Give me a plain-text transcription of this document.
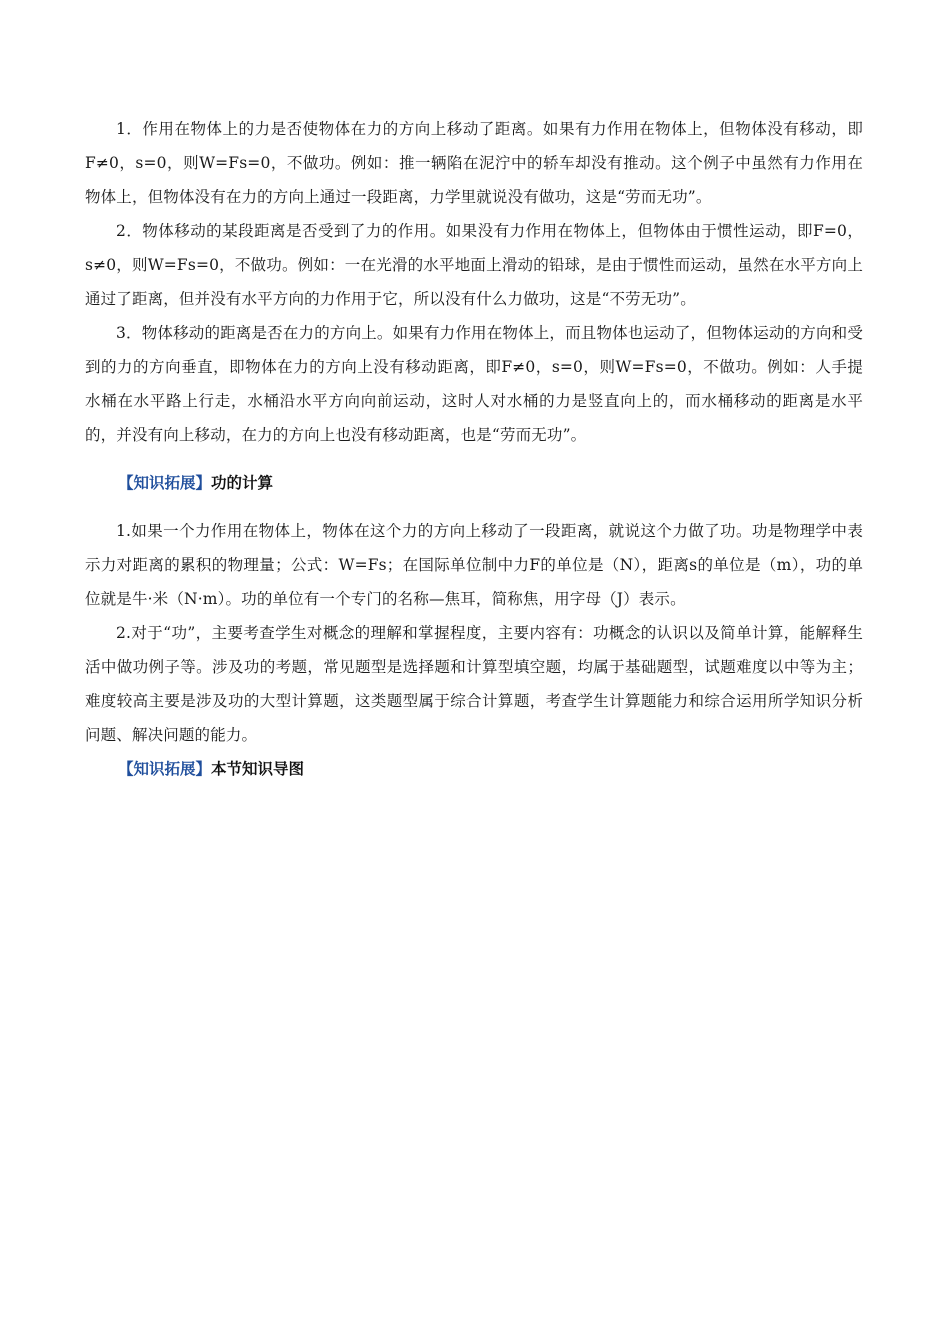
1．作用在物体上的力是否使物体在力的方向上移动了距离。如果有力作用在物体上，但物体没有移动，即F≠0，s=0，则W=Fs=0，不做功。例如：推一辆陷在泥泞中的轿车却没有推动。这个例子中虽然有力作用在物体上，但物体没有在力的方向上通过一段距离，力学里就说没有做功，这是“劳而无功”。

2．物体移动的某段距离是否受到了力的作用。如果没有力作用在物体上，但物体由于惯性运动，即F=0，s≠0，则W=Fs=0，不做功。例如：一在光滑的水平地面上滑动的铅球，是由于惯性而运动，虽然在水平方向上通过了距离，但并没有水平方向的力作用于它，所以没有什么力做功，这是“不劳无功”。

3．物体移动的距离是否在力的方向上。如果有力作用在物体上，而且物体也运动了，但物体运动的方向和受到的力的方向垂直，即物体在力的方向上没有移动距离，即F≠0，s=0，则W=Fs=0，不做功。例如：人手提水桶在水平路上行走，水桶沿水平方向向前运动，这时人对水桶的力是竖直向上的，而水桶移动的距离是水平的，并没有向上移动，在力的方向上也没有移动距离，也是“劳而无功”。

【知识拓展】功的计算

1.如果一个力作用在物体上，物体在这个力的方向上移动了一段距离，就说这个力做了功。功是物理学中表示力对距离的累积的物理量；公式：W=Fs；在国际单位制中力F的单位是（N），距离s的单位是（m），功的单位就是牛·米（N·m）。功的单位有一个专门的名称—焦耳，简称焦，用字母（J）表示。

2.对于“功”，主要考查学生对概念的理解和掌握程度，主要内容有：功概念的认识以及简单计算，能解释生活中做功例子等。涉及功的考题，常见题型是选择题和计算型填空题，均属于基础题型，试题难度以中等为主；难度较高主要是涉及功的大型计算题，这类题型属于综合计算题，考查学生计算题能力和综合运用所学知识分析问题、解决问题的能力。

【知识拓展】本节知识导图
